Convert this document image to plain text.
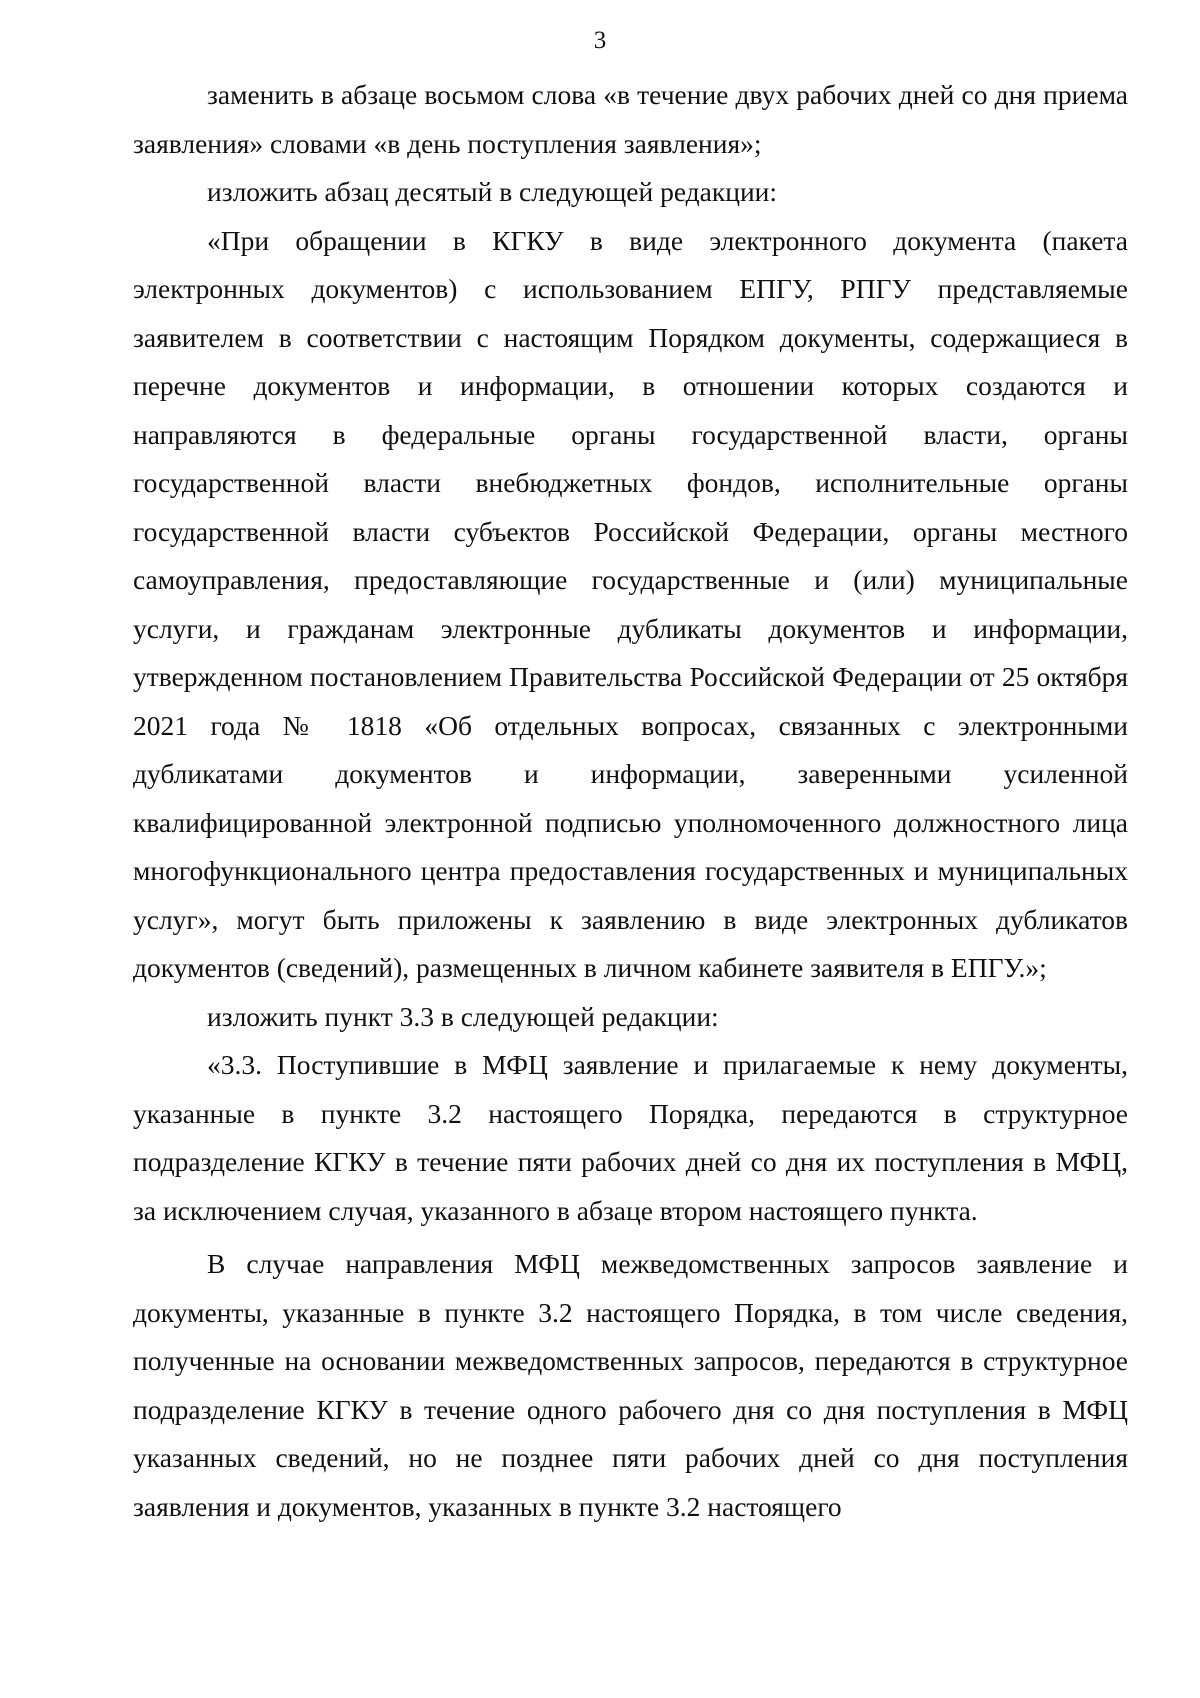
3

заменить в абзаце восьмом слова «в течение двух рабочих дней со дня приема заявления» словами «в день поступления заявления»;

изложить абзац десятый в следующей редакции:

«При обращении в КГКУ в виде электронного документа (пакета электронных документов) с использованием ЕПГУ, РПГУ представляемые заявителем в соответствии с настоящим Порядком документы, содержащиеся в перечне документов и информации, в отношении которых создаются и направляются в федеральные органы государственной власти, органы государственной власти внебюджетных фондов, исполнительные органы государственной власти субъектов Российской Федерации, органы местного самоуправления, предоставляющие государственные и (или) муниципальные услуги, и гражданам электронные дубликаты документов и информации, утвержденном постановлением Правительства Российской Федерации от 25 октября 2021 года № 1818 «Об отдельных вопросах, связанных с электронными дубликатами документов и информации, заверенными усиленной квалифицированной электронной подписью уполномоченного должностного лица многофункционального центра предоставления государственных и муниципальных услуг», могут быть приложены к заявлению в виде электронных дубликатов документов (сведений), размещенных в личном кабинете заявителя в ЕПГУ.»;

изложить пункт 3.3 в следующей редакции:

«3.3. Поступившие в МФЦ заявление и прилагаемые к нему документы, указанные в пункте 3.2 настоящего Порядка, передаются в структурное подразделение КГКУ в течение пяти рабочих дней со дня их поступления в МФЦ, за исключением случая, указанного в абзаце втором настоящего пункта.

В случае направления МФЦ межведомственных запросов заявление и документы, указанные в пункте 3.2 настоящего Порядка, в том числе сведения, полученные на основании межведомственных запросов, передаются в структурное подразделение КГКУ в течение одного рабочего дня со дня поступления в МФЦ указанных сведений, но не позднее пяти рабочих дней со дня поступления заявления и документов, указанных в пункте 3.2 настоящего
